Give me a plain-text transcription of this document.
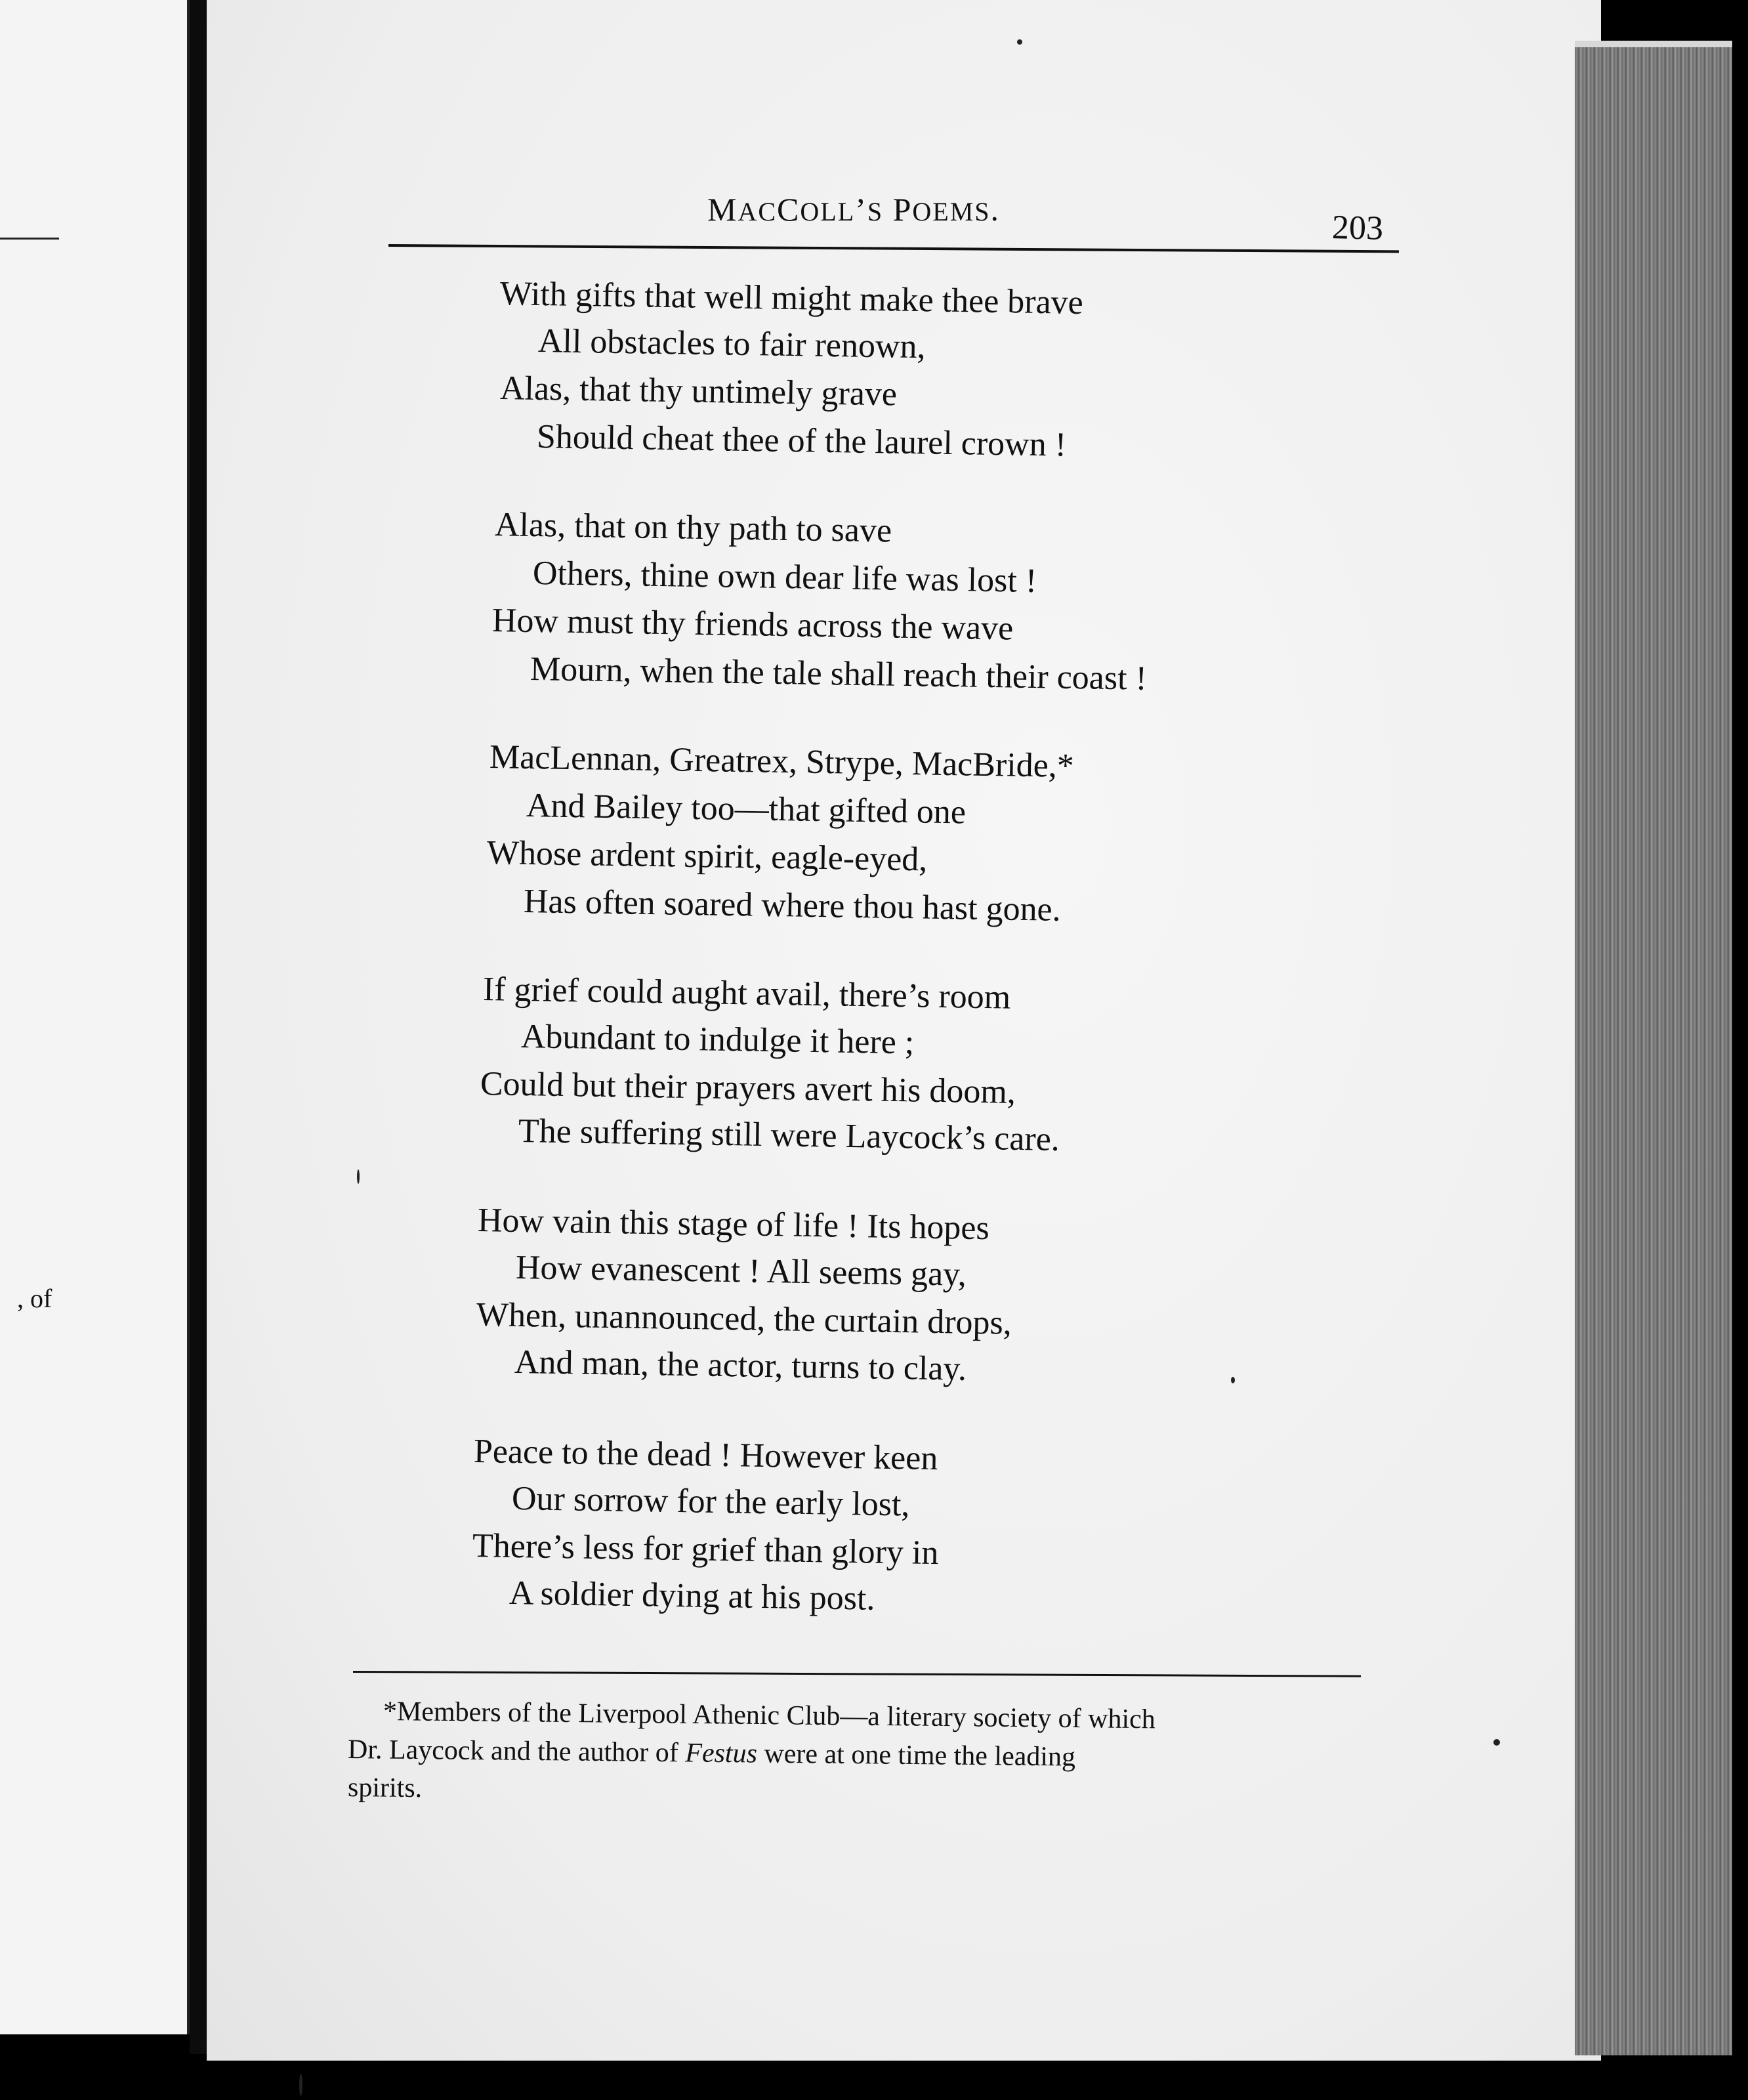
, of
MACCOLL’S POEMS.	203
With gifts that well might make thee brave
All obstacles to fair renown,
Alas, that thy untimely grave
Should cheat thee of the laurel crown !
Alas, that on thy path to save
Others, thine own dear life was lost !
How must thy friends across the wave
Mourn, when the tale shall reach their coast !
MacLennan, Greatrex, Strype, MacBride,*
And Bailey too—that gifted one
Whose ardent spirit, eagle-eyed,
Has often soared where thou hast gone.
If grief could aught avail, there’s room
Abundant to indulge it here ;
Could but their prayers avert his doom,
The suffering still were Laycock’s care.
How vain this stage of life ! Its hopes
How evanescent ! All seems gay,
When, unannounced, the curtain drops,
And man, the actor, turns to clay.
Peace to the dead ! However keen
Our sorrow for the early lost,
There’s less for grief than glory in
A soldier dying at his post.
*Members of the Liverpool Athenic Club—a literary society of which
Dr. Laycock and the author of Festus were at one time the leading
spirits.
